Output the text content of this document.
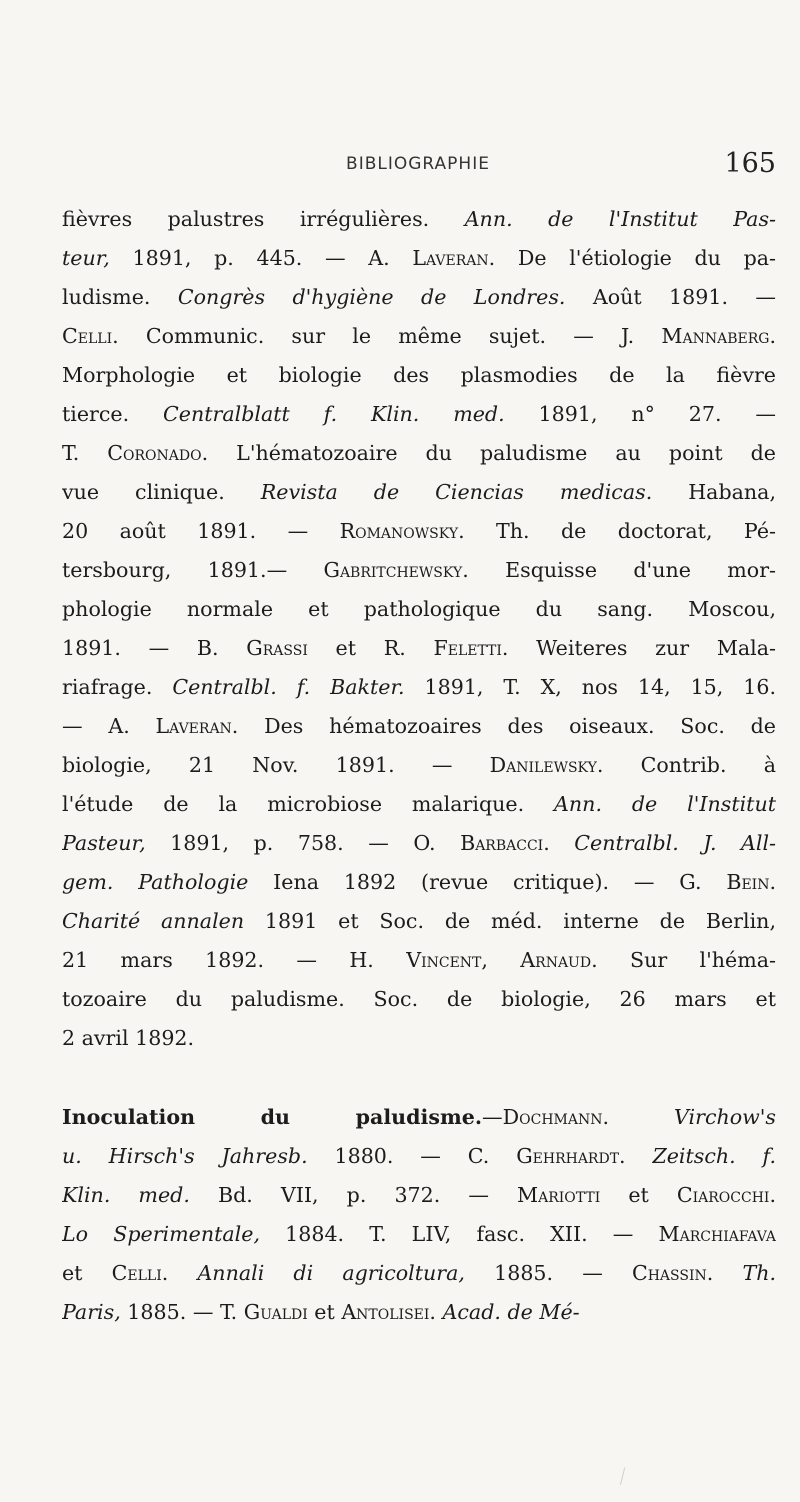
BIBLIOGRAPHIE	165
fièvres palustres irrégulières. Ann. de l'Institut Pas-
teur, 1891, p. 445. — A. Laveran. De l'étiologie du pa-
ludisme. Congrès d'hygiène de Londres. Août 1891. —
Celli. Communic. sur le même sujet. — J. Mannaberg.
Morphologie et biologie des plasmodies de la fièvre
tierce. Centralblatt f. Klin. med. 1891, n° 27. —
T. Coronado. L'hématozoaire du paludisme au point de
vue clinique. Revista de Ciencias medicas. Habana,
20 août 1891. — Romanowsky. Th. de doctorat, Pé-
tersbourg, 1891.— Gabritchewsky. Esquisse d'une mor-
phologie normale et pathologique du sang. Moscou,
1891. — B. Grassi et R. Feletti. Weiteres zur Mala-
riafrage. Centralbl. f. Bakter. 1891, T. X, nos 14, 15, 16.
— A. Laveran. Des hématozoaires des oiseaux. Soc. de
biologie, 21 Nov. 1891. — Danilewsky. Contrib. à
l'étude de la microbiose malarique. Ann. de l'Institut
Pasteur, 1891, p. 758. — O. Barbacci. Centralbl. J. All-
gem. Pathologie Iena 1892 (revue critique). — G. Bein.
Charité annalen 1891 et Soc. de méd. interne de Berlin,
21 mars 1892. — H. Vincent, Arnaud. Sur l'héma-
tozoaire du paludisme. Soc. de biologie, 26 mars et
2 avril 1892.
Inoculation du paludisme.—Dochmann.	Virchow's
u. Hirsch's Jahresb. 1880. — C. Gehrhardt. Zeitsch. f.
Klin. med. Bd. VII, p. 372. — Mariotti et Ciarocchi.
Lo Sperimentale, 1884. T. LIV, fasc. XII. — Marchiafava
et Celli. Annali di agricoltura, 1885. — Chassin. Th.
Paris, 1885. — T. Gualdi et Antolisei. Acad. de Mé-
